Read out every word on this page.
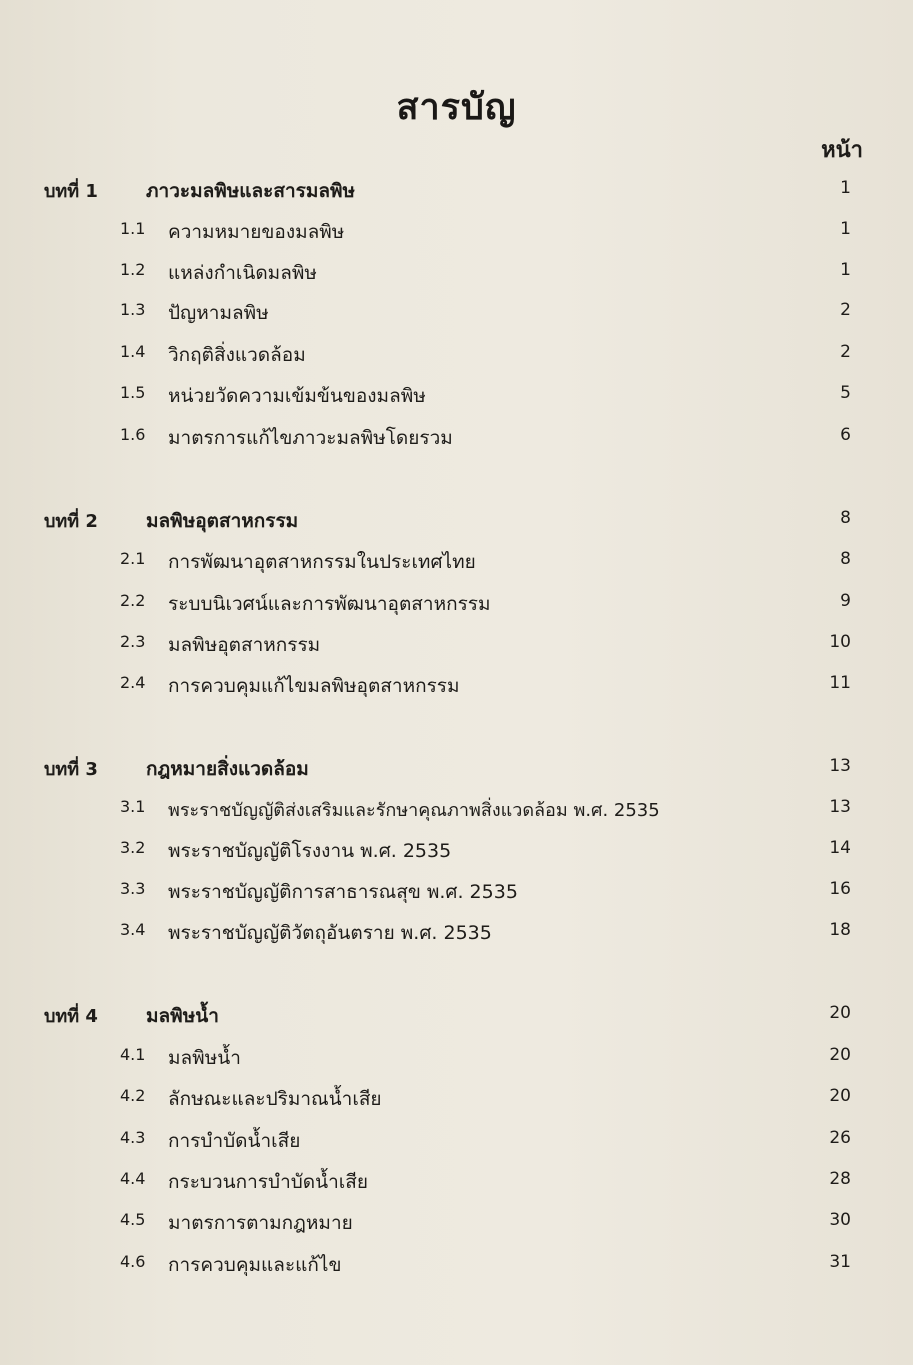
สารบัญ
หน้า
บทที่ 1	ภาวะมลพิษและสารมลพิษ	1
1.1 ความหมายของมลพิษ	1
1.2 แหล่งกำเนิดมลพิษ	1
1.3 ปัญหามลพิษ	2
1.4 วิกฤติสิ่งแวดล้อม	2
1.5 หน่วยวัดความเข้มข้นของมลพิษ	5
1.6 มาตรการแก้ไขภาวะมลพิษโดยรวม	6
บทที่ 2	มลพิษอุตสาหกรรม	8
2.1 การพัฒนาอุตสาหกรรมในประเทศไทย	8
2.2 ระบบนิเวศน์และการพัฒนาอุตสาหกรรม	9
2.3 มลพิษอุตสาหกรรม	10
2.4 การควบคุมแก้ไขมลพิษอุตสาหกรรม	11
บทที่ 3	กฎหมายสิ่งแวดล้อม	13
3.1 พระราชบัญญัติส่งเสริมและรักษาคุณภาพสิ่งแวดล้อม พ.ศ. 2535	13
3.2 พระราชบัญญัติโรงงาน พ.ศ. 2535	14
3.3 พระราชบัญญัติการสาธารณสุข พ.ศ. 2535	16
3.4 พระราชบัญญัติวัตถุอันตราย พ.ศ. 2535	18
บทที่ 4	มลพิษน้ำ	20
4.1 มลพิษน้ำ	20
4.2 ลักษณะและปริมาณน้ำเสีย	20
4.3 การบำบัดน้ำเสีย	26
4.4 กระบวนการบำบัดน้ำเสีย	28
4.5 มาตรการตามกฎหมาย	30
4.6 การควบคุมและแก้ไข	31
